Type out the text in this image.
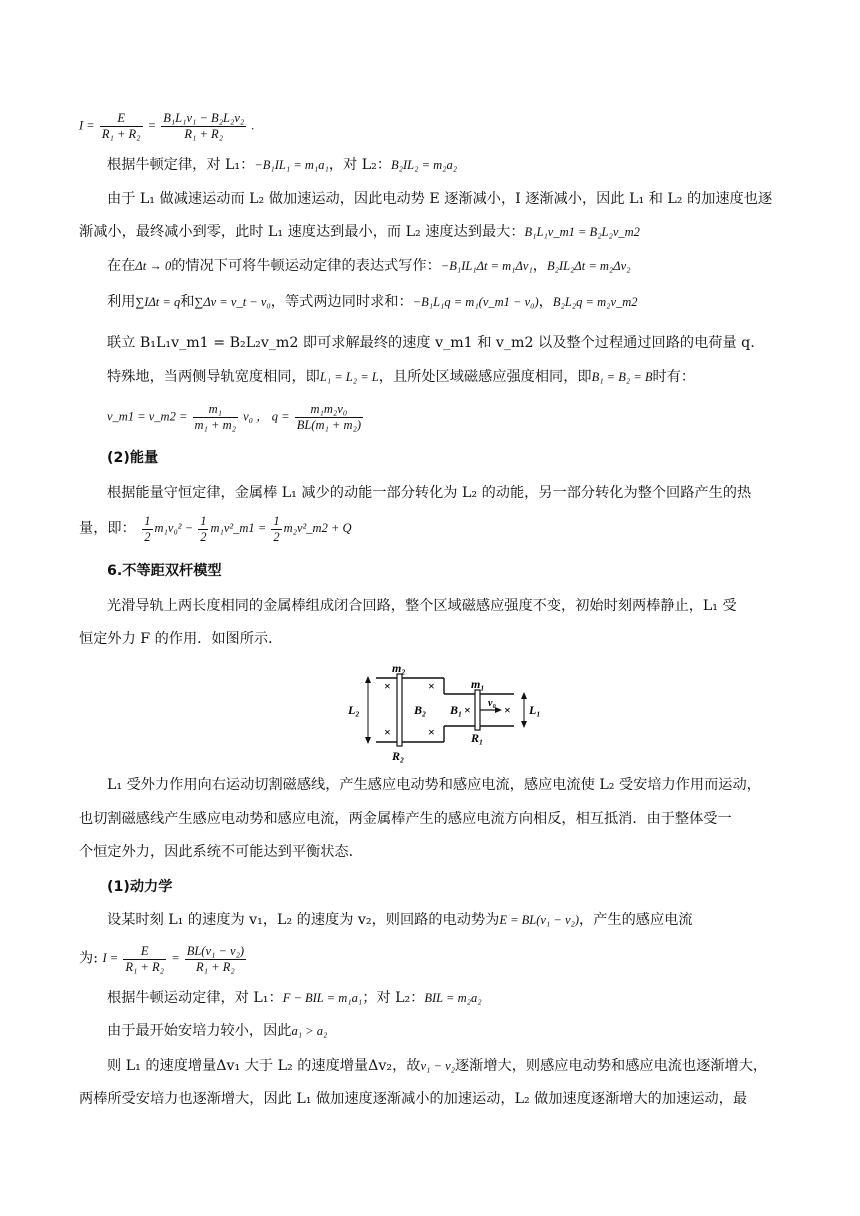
$I = \frac{E}{\text{R₁ + R₂}} = \frac{\text{B₁L₁v₁ − B₂L₂v₂}}{\text{R₁ + R₂}}$ .
根据牛顿定律，对 L₁：−B₁IL₁ = m₁a₁，对 L₂：B₂IL₂ = m₂a₂
由于 L₁ 做减速运动而 L₂ 做加速运动，因此电动势 E 逐渐减小，I 逐渐减小，因此 L₁ 和 L₂ 的加速度也逐
渐减小，最终减小到零，此时 L₁ 速度达到最小，而 L₂ 速度达到最大：B₁L₁v_m1 = B₂L₂v_m2
在在Δt → 0的情况下可将牛顿运动定律的表达式写作：−B₁IL₁Δt = m₁Δv₁，B₂IL₂Δt = m₂Δv₂
利用∑IΔt = q和∑Δv = v_t − v₀，等式两边同时求和：−B₁L₁q = m₁(v_m1 − v₀)，B₂L₂q = m₂v_m2
联立 B₁L₁v_m1 = B₂L₂v_m2 即可求解最终的速度 v_m1 和 v_m2 以及整个过程通过回路的电荷量 q.
特殊地，当两侧导轨宽度相同，即L₁ = L₂ = L，且所处区域磁感应强度相同，即B₁ = B₂ = B时有：
v_m1 = v_m2 = $\frac{\text{m₁}}{\text{m₁ + m₂}} v_0$ ， $q = \frac{\text{m₁m₂v₀}}{\text{BL(m₁ + m₂)}}$
(2)能量
根据能量守恒定律，金属棒 L₁ 减少的动能一部分转化为 L₂ 的动能，另一部分转化为整个回路产生的热
量，即： $\frac{1}{2} m_1v_0^2 - \frac{1}{2}$ m₁v²_m1 = $\frac{1}{2}$ m₂v²_m2 + Q
6.不等距双杆模型
光滑导轨上两长度相同的金属棒组成闭合回路，整个区域磁感应强度不变，初始时刻两棒静止，L₁ 受
恒定外力 F 的作用．如图所示．
×	×
×	×
×	×
m₂
L₂	B₂
R₂
m₁
B₁	v₀
R₁
L₁
L₁ 受外力作用向右运动切割磁感线，产生感应电动势和感应电流，感应电流使 L₂ 受安培力作用而运动，
也切割磁感线产生感应电动势和感应电流，两金属棒产生的感应电流方向相反，相互抵消．由于整体受一
个恒定外力，因此系统不可能达到平衡状态．
(1)动力学
设某时刻 L₁ 的速度为 v₁，L₂ 的速度为 v₂，则回路的电动势为E = BL(v₁ − v₂)，产生的感应电流
为: $I = \frac{E}{\text{R₁ + R₂}} = \frac{\text{BL(v₁ − v₂)}}{\text{R₁ + R₂}}$
根据牛顿运动定律，对 L₁：F − BIL = m₁a₁；对 L₂：BIL = m₂a₂
由于最开始安培力较小，因此a₁ > a₂
则 L₁ 的速度增量Δv₁ 大于 L₂ 的速度增量Δv₂，故v₁ − v₂逐渐增大，则感应电动势和感应电流也逐渐增大，
两棒所受安培力也逐渐增大，因此 L₁ 做加速度逐渐减小的加速运动，L₂ 做加速度逐渐增大的加速运动，最
